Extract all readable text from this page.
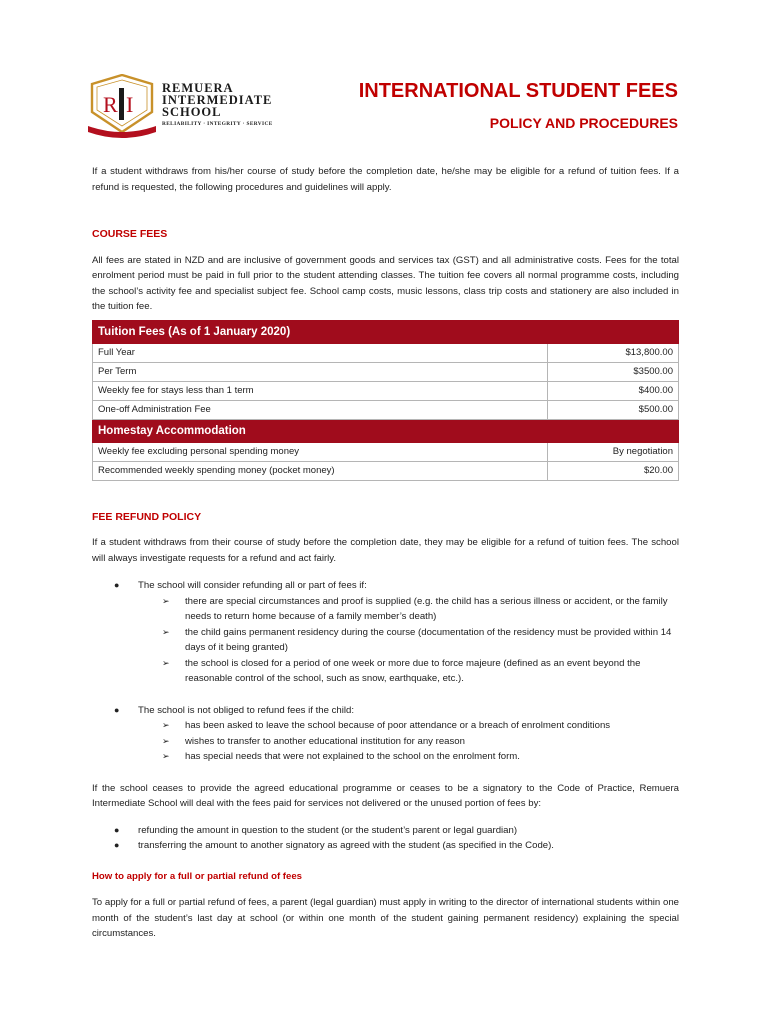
R I
REMUERA
INTERMEDIATE
SCHOOL
RELIABILITY · INTEGRITY · SERVICE
INTERNATIONAL STUDENT FEES
POLICY AND PROCEDURES

If a student withdraws from his/her course of study before the completion date, he/she may be eligible for a refund of tuition fees. If a refund is requested, the following procedures and guidelines will apply.

COURSE FEES

All fees are stated in NZD and are inclusive of government goods and services tax (GST) and all administrative costs. Fees for the total enrolment period must be paid in full prior to the student attending classes. The tuition fee covers all normal programme costs, including the school’s activity fee and specialist subject fee. School camp costs, music lessons, class trip costs and stationery are also included in the tuition fee.

Tuition Fees (As of 1 January 2020)	
Full Year	$13,800.00
Per Term	$3500.00
Weekly fee for stays less than 1 term	$400.00
One-off Administration Fee	$500.00
Homestay Accommodation	
Weekly fee excluding personal spending money	By negotiation
Recommended weekly spending money (pocket money)	$20.00
FEE REFUND POLICY

If a student withdraws from their course of study before the completion date, they may be eligible for a refund of tuition fees. The school will always investigate requests for a refund and act fairly.

● The school will consider refunding all or part of fees if:
➢ there are special circumstances and proof is supplied (e.g. the child has a serious illness or accident, or the family needs to return home because of a family member’s death)
➢ the child gains permanent residency during the course (documentation of the residency must be provided within 14 days of it being granted)
➢ the school is closed for a period of one week or more due to force majeure (defined as an event beyond the reasonable control of the school, such as snow, earthquake, etc.).
● The school is not obliged to refund fees if the child:
➢ has been asked to leave the school because of poor attendance or a breach of enrolment conditions
➢ wishes to transfer to another educational institution for any reason
➢ has special needs that were not explained to the school on the enrolment form.

If the school ceases to provide the agreed educational programme or ceases to be a signatory to the Code of Practice, Remuera Intermediate School will deal with the fees paid for services not delivered or the unused portion of fees by:

● refunding the amount in question to the student (or the student’s parent or legal guardian)
● transferring the amount to another signatory as agreed with the student (as specified in the Code).
How to apply for a full or partial refund of fees

To apply for a full or partial refund of fees, a parent (legal guardian) must apply in writing to the director of international students within one month of the student’s last day at school (or within one month of the student gaining permanent residency) explaining the special circumstances.
